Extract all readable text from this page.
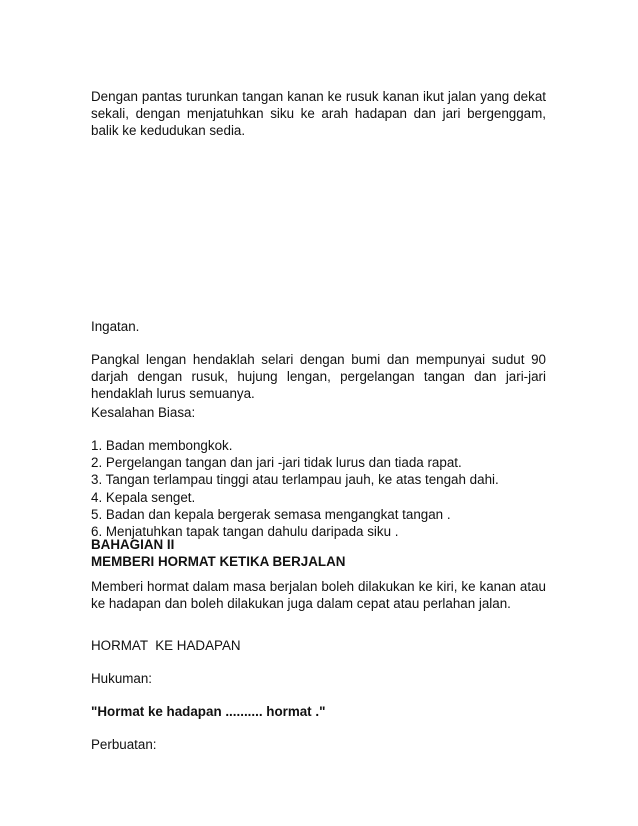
Dengan pantas turunkan tangan kanan ke rusuk kanan ikut jalan yang dekat sekali, dengan menjatuhkan siku ke arah hadapan dan jari bergenggam, balik ke kedudukan sedia.

Ingatan.

Pangkal lengan hendaklah selari dengan bumi dan mempunyai sudut 90 darjah dengan rusuk, hujung lengan, pergelangan tangan dan jari-jari hendaklah lurus semuanya.

Kesalahan Biasa:

1. Badan membongkok.
2. Pergelangan tangan dan jari -jari tidak lurus dan tiada rapat.
3. Tangan terlampau tinggi atau terlampau jauh, ke atas tengah dahi.
4. Kepala senget.
5. Badan dan kepala bergerak semasa mengangkat tangan .
6. Menjatuhkan tapak tangan dahulu daripada siku .
BAHAGIAN II
MEMBERI HORMAT KETIKA BERJALAN

Memberi hormat dalam masa berjalan boleh dilakukan ke kiri, ke kanan atau ke hadapan dan boleh dilakukan juga dalam cepat atau perlahan jalan.

HORMAT  KE HADAPAN

Hukuman:

"Hormat ke hadapan .......... hormat ."

Perbuatan:
